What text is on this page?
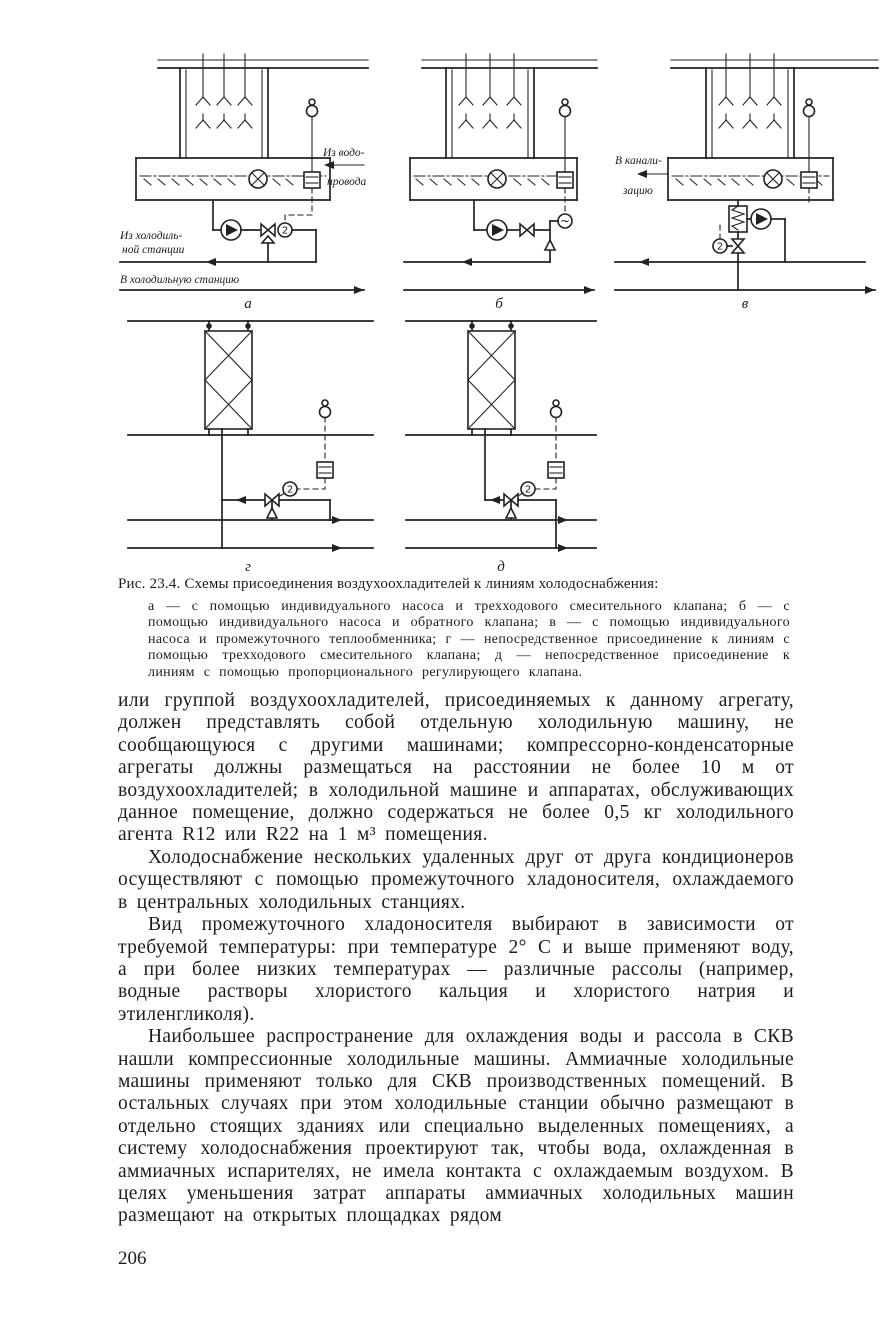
Из водо-
провода
2
Из холодиль-
ной станции
В холодильную станцию
а
~
б
В канали-
зацию
2
в
2
г
2
д
Рис. 23.4. Схемы присоединения воздухоохладителей к линиям холодоснабжения:
а — с помощью индивидуального насоса и трехходового смесительного клапана; б — с помощью индивидуального насоса и обратного клапана; в — с помощью индивидуального насоса и промежуточного теплообменника; г — непосредственное присоединение к линиям с помощью трехходового смесительного клапана; д — непосредственное присоединение к линиям с помощью пропорционального регулирующего клапана.

или группой воздухоохладителей, присоединяемых к данному агрегату, должен представлять собой отдельную холодильную машину, не сообщающуюся с другими машинами; компрессорно-конденсаторные агрегаты должны размещаться на расстоянии не более 10 м от воздухоохладителей; в холодильной машине и аппаратах, обслуживающих данное помещение, должно содержаться не более 0,5 кг холодильного агента R12 или R22 на 1 м³ помещения.

Холодоснабжение нескольких удаленных друг от друга кондиционеров осуществляют с помощью промежуточного хладоносителя, охлаждаемого в центральных холодильных станциях.

Вид промежуточного хладоносителя выбирают в зависимости от требуемой температуры: при температуре 2° С и выше применяют воду, а при более низких температурах — различные рассолы (например, водные растворы хлористого кальция и хлористого натрия и этиленгликоля).

Наибольшее распространение для охлаждения воды и рассола в СКВ нашли компрессионные холодильные машины. Аммиачные холодильные машины применяют только для СКВ производственных помещений. В остальных случаях при этом холодильные станции обычно размещают в отдельно стоящих зданиях или специально выделенных помещениях, а систему холодоснабжения проектируют так, чтобы вода, охлажденная в аммиачных испарителях, не имела контакта с охлаждаемым воздухом. В целях уменьшения затрат аппараты аммиачных холодильных машин размещают на открытых площадках рядом

206
